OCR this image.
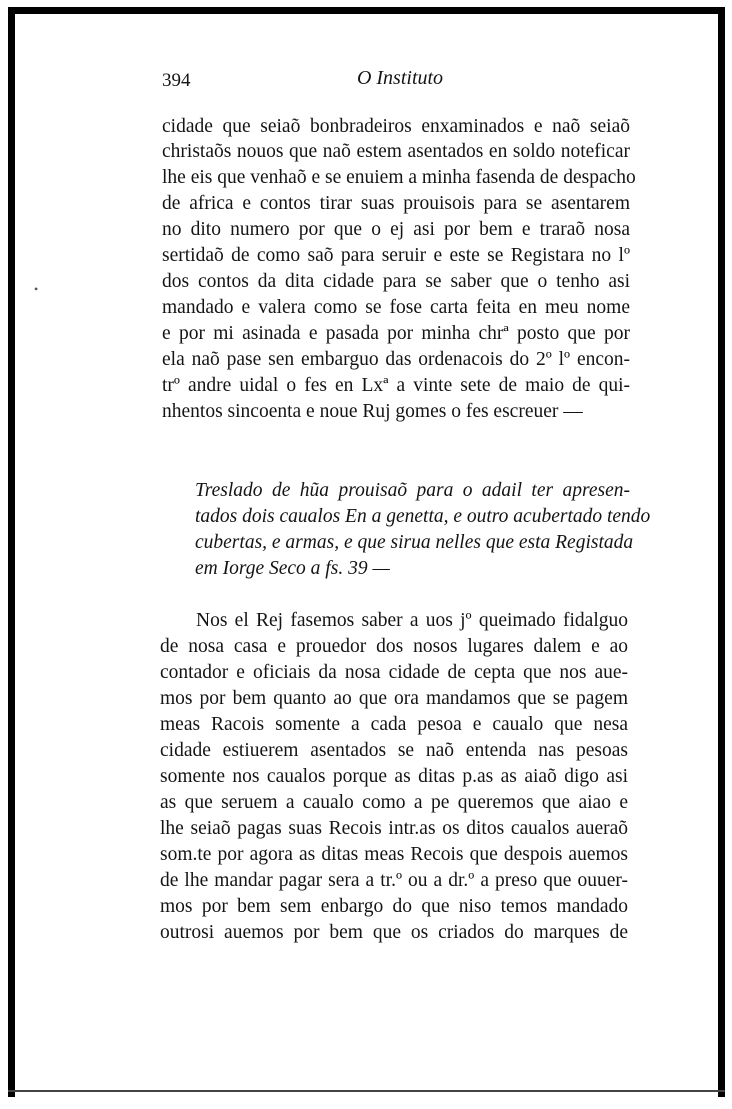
394	O Instituto
•
cidade que seiaõ bonbradeiros enxaminados e naõ seiaõ
christaõs nouos que naõ estem asentados en soldo noteficar
lhe eis que venhaõ e se enuiem a minha fasenda de despacho
de africa e contos tirar suas prouisois para se asentarem
no dito numero por que o ej asi por bem e traraõ nosa
sertidaõ de como saõ para seruir e este se Registara no lº
dos contos da dita cidade para se saber que o tenho asi
mandado e valera como se fose carta feita en meu nome
e por mi asinada e pasada por minha chrª posto que por
ela naõ pase sen embarguo das ordenacois do 2º lº encon-
trº andre uidal o fes en Lxª a vinte sete de maio de qui-
nhentos sincoenta e noue Ruj gomes o fes escreuer —
Treslado de hũa prouisaõ para o adail ter apresen-
tados dois caualos En a genetta, e outro acubertado tendo
cubertas, e armas, e que sirua nelles que esta Registada
em Iorge Seco a fs. 39 —
Nos el Rej fasemos saber a uos jº queimado fidalguo
de nosa casa e prouedor dos nosos lugares dalem e ao
contador e oficiais da nosa cidade de cepta que nos aue-
mos por bem quanto ao que ora mandamos que se pagem
meas Racois somente a cada pesoa e caualo que nesa
cidade estiuerem asentados se naõ entenda nas pesoas
somente nos caualos porque as ditas p.as as aiaõ digo asi
as que seruem a caualo como a pe queremos que aiao e
lhe seiaõ pagas suas Recois intr.as os ditos caualos aueraõ
som.te por agora as ditas meas Recois que despois auemos
de lhe mandar pagar sera a tr.º ou a dr.º a preso que ouuer-
mos por bem sem enbargo do que niso temos mandado
outrosi auemos por bem que os criados do marques de
